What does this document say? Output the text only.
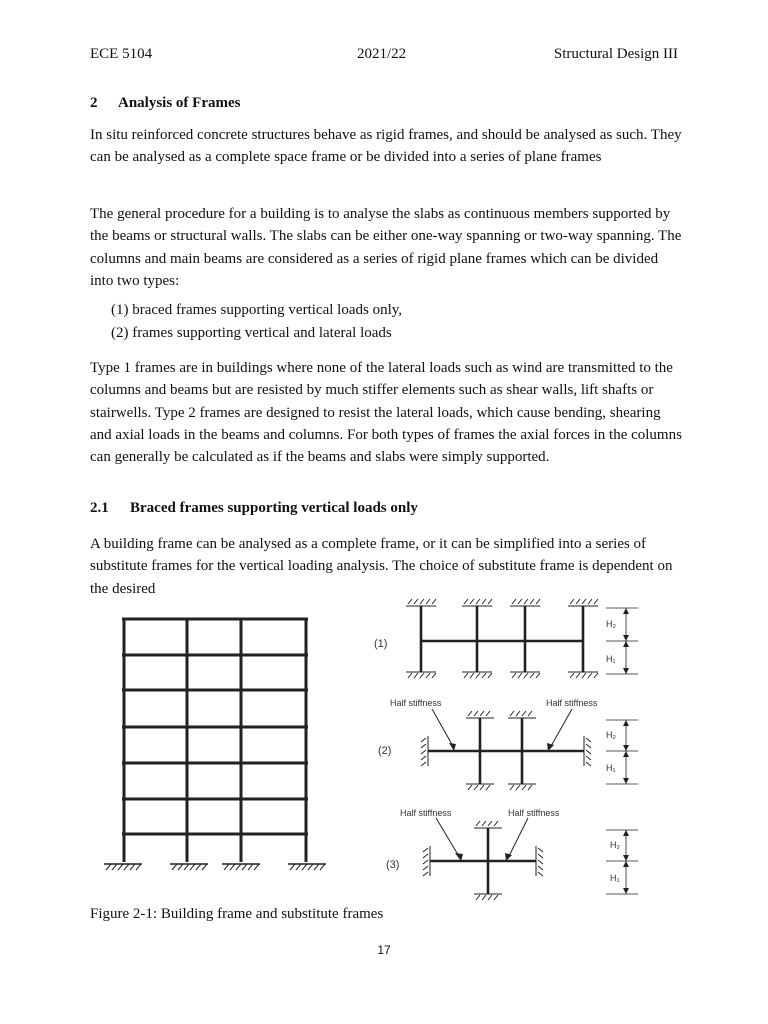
ECE 5104	2021/22	Structural Design III
2 Analysis of Frames

In situ reinforced concrete structures behave as rigid frames, and should be analysed as such. They can be analysed as a complete space frame or be divided into a series of plane frames

The general procedure for a building is to analyse the slabs as continuous members supported by the beams or structural walls. The slabs can be either one-way spanning or two-way spanning. The columns and main beams are considered as a series of rigid plane frames which can be divided into two types:

(1) braced frames supporting vertical loads only,
(2) frames supporting vertical and lateral loads

Type 1 frames are in buildings where none of the lateral loads such as wind are transmitted to the columns and beams but are resisted by much stiffer elements such as shear walls, lift shafts or stairwells. Type 2 frames are designed to resist the lateral loads, which cause bending, shearing and axial loads in the beams and columns. For both types of frames the axial forces in the columns can generally be calculated as if the beams and slabs were simply supported.

2.1 Braced frames supporting vertical loads only

A building frame can be analysed as a complete frame, or it can be simplified into a series of substitute frames for the vertical loading analysis. The choice of substitute frame is dependent on the desired

(1)
(2)
(3)
Half stiffness	Half stiffness
Half stiffness	Half stiffness
H₂
H₁
H₂
H₁
H₂
H₁
Figure 2-1: Building frame and substitute frames
17
